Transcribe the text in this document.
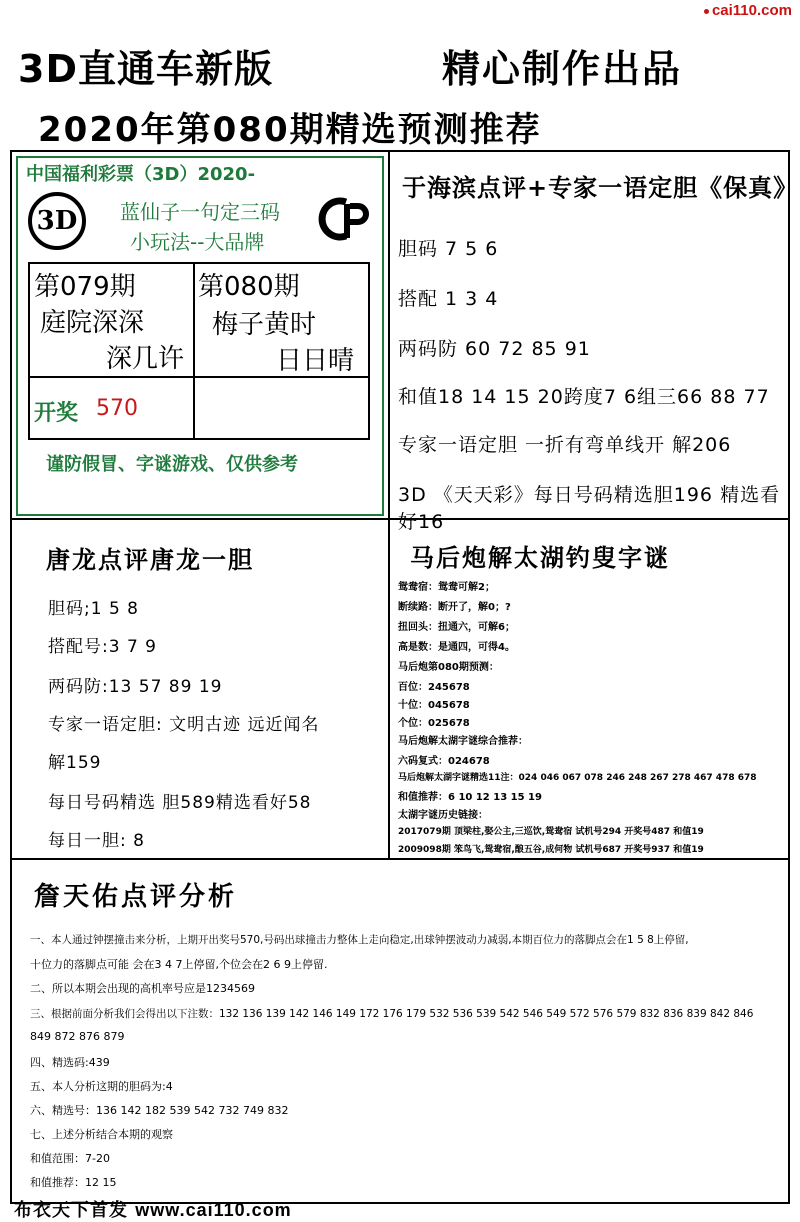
cai110.com
3D直通车新版	精心制作出品
2020年第080期精选预测推荐
中国福利彩票（3D）2020-
3D	蓝仙子一句定三码
小玩法--大品牌
第079期
庭院深深
深几许
第080期
梅子黄时
日日晴
开奖 570
谨防假冒、字谜游戏、仅供参考
于海滨点评+专家一语定胆《保真》
胆码 7 5 6
搭配 1 3 4
两码防 60 72 85 91
和值18 14 15 20跨度7 6组三66 88 77
专家一语定胆 一折有弯单线开 解206
3D 《天天彩》每日号码精选胆196 精选看好16
唐龙点评唐龙一胆
胆码;1 5 8
搭配号:3 7 9
两码防:13 57 89 19
专家一语定胆: 文明古迹 远近闻名
解159
每日号码精选 胆589精选看好58
每日一胆: 8
马后炮解太湖钓叟字谜
鸳鸯宿：鸳鸯可解2；
断续路：断开了，解0；?
扭回头：扭通六，可解6；
高是数：是通四，可得4。
马后炮第080期预测：
百位：245678
十位：045678
个位：025678
马后炮解太湖字谜综合推荐：
六码复式：024678
马后炮解太湖字谜精选11注：024 046 067 078 246 248 267 278 467 478 678
和值推荐：6 10 12 13 15 19
太湖字谜历史链接：
2017079期 顶梁柱,娶公主,三巡饮,鸳鸯宿 试机号294 开奖号487 和值19
2009098期 笨鸟飞,鸳鸯宿,酿五谷,成何物 试机号687 开奖号937 和值19
詹天佑点评分析
一、本人通过钟摆撞击来分析，上期开出奖号570,号码出球撞击力整体上走向稳定,出球钟摆波动力减弱,本期百位力的落脚点会在1 5 8上停留,
十位力的落脚点可能 会在3 4 7上停留,个位会在2 6 9上停留.
二、所以本期会出现的高机率号应是1234569
三、根据前面分析我们会得出以下注数：132 136 139 142 146 149 172 176 179 532 536 539 542 546 549 572 576 579 832 836 839 842 846
849 872 876 879
四、精选码:439
五、本人分析这期的胆码为:4
六、精选号：136 142 182 539 542 732 749 832
七、上述分析结合本期的观察
和值范围：7-20
和值推荐：12 15
布衣天下首发 www.cai110.com
